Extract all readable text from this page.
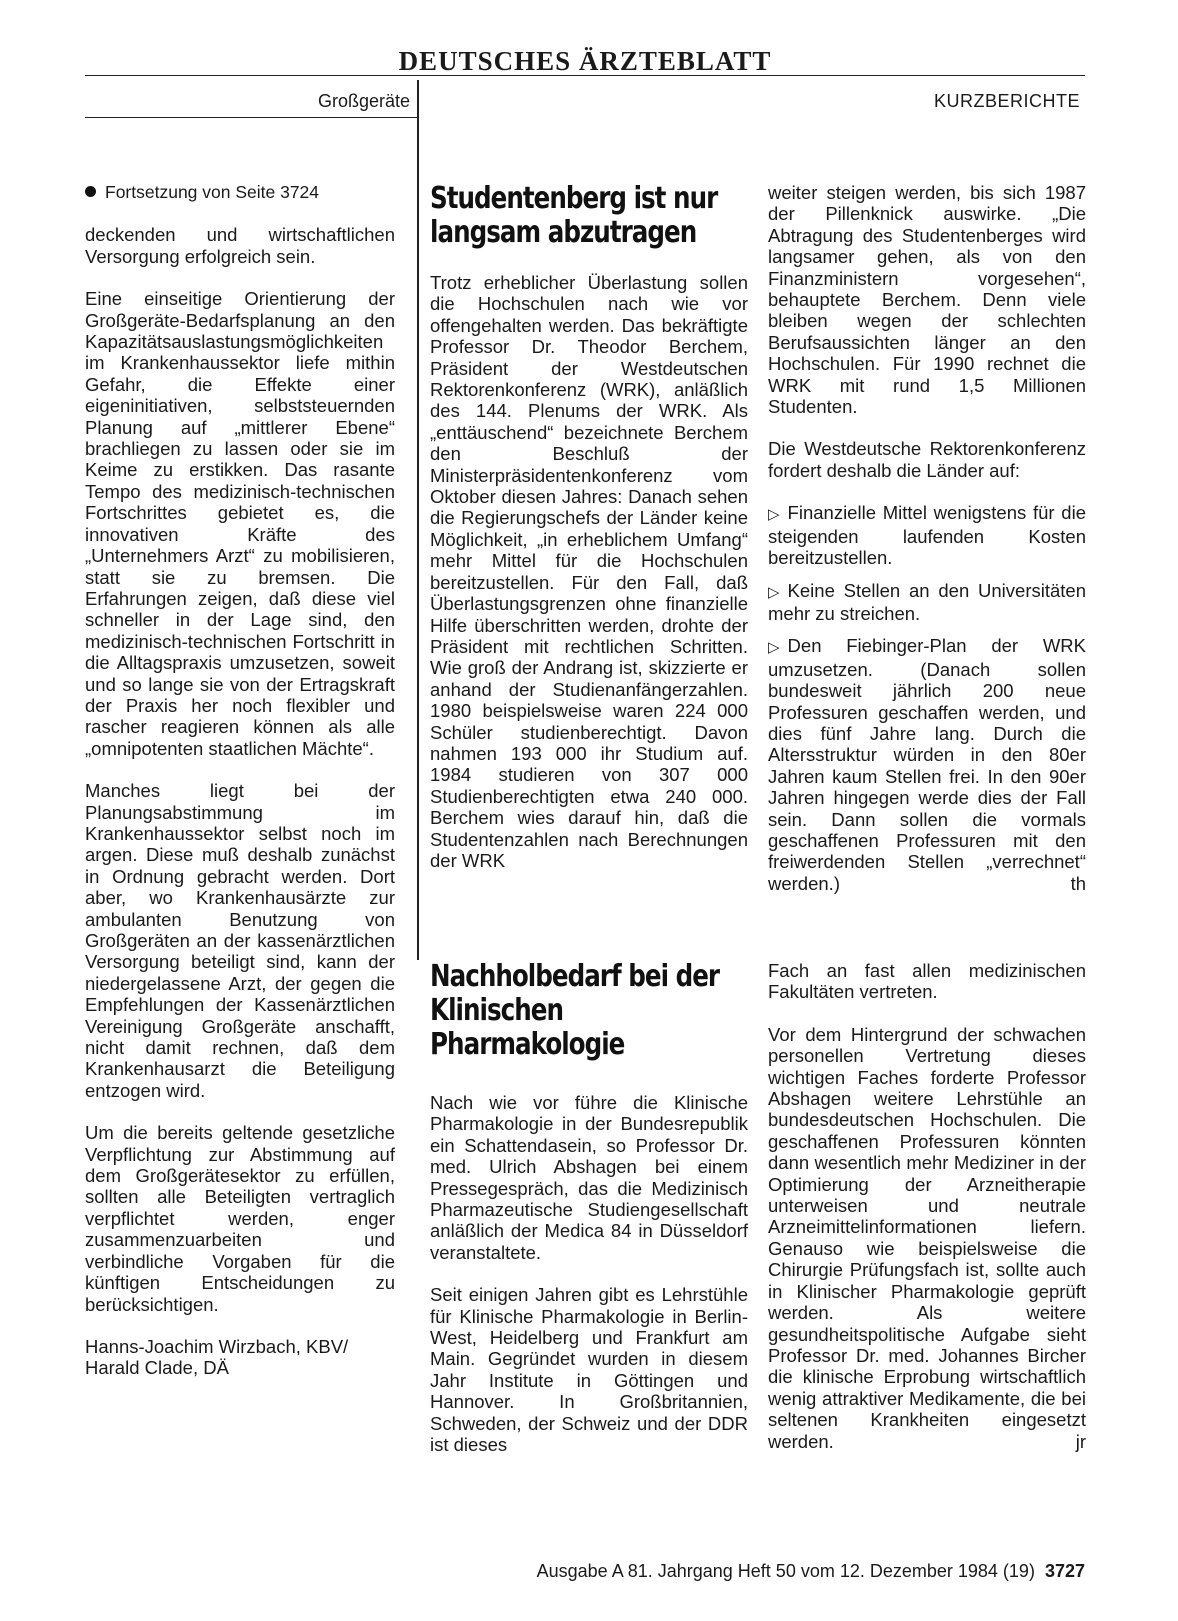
DEUTSCHES ÄRZTEBLATT
Großgeräte	KURZBERICHTE
Fortsetzung von Seite 3724

deckenden und wirtschaftlichen Versorgung erfolgreich sein.

Eine einseitige Orientierung der Großgeräte-Bedarfsplanung an den Kapazitätsauslastungsmöglichkeiten im Krankenhaussektor liefe mithin Gefahr, die Effekte einer eigeninitiativen, selbststeuernden Planung auf „mittlerer Ebene“ brachliegen zu lassen oder sie im Keime zu erstikken. Das rasante Tempo des medizinisch-technischen Fortschrittes gebietet es, die innovativen Kräfte des „Unternehmers Arzt“ zu mobilisieren, statt sie zu bremsen. Die Erfahrungen zeigen, daß diese viel schneller in der Lage sind, den medizinisch-technischen Fortschritt in die Alltagspraxis umzusetzen, soweit und so lange sie von der Ertragskraft der Praxis her noch flexibler und rascher reagieren können als alle „omnipotenten staatlichen Mächte“.

Manches liegt bei der Planungsabstimmung im Krankenhaussektor selbst noch im argen. Diese muß deshalb zunächst in Ordnung gebracht werden. Dort aber, wo Krankenhausärzte zur ambulanten Benutzung von Großgeräten an der kassenärztlichen Versorgung beteiligt sind, kann der niedergelassene Arzt, der gegen die Empfehlungen der Kassenärztlichen Vereinigung Großgeräte anschafft, nicht damit rechnen, daß dem Krankenhausarzt die Beteiligung entzogen wird.

Um die bereits geltende gesetzliche Verpflichtung zur Abstimmung auf dem Großgerätesektor zu erfüllen, sollten alle Beteiligten vertraglich verpflichtet werden, enger zusammenzuarbeiten und verbindliche Vorgaben für die künftigen Entscheidungen zu berücksichtigen.

Hanns-Joachim Wirzbach, KBV/
Harald Clade, DÄ
Studentenberg ist nur langsam abzutragen

Trotz erheblicher Überlastung sollen die Hochschulen nach wie vor offengehalten werden. Das bekräftigte Professor Dr. Theodor Berchem, Präsident der Westdeutschen Rektorenkonferenz (WRK), anläßlich des 144. Plenums der WRK. Als „enttäuschend“ bezeichnete Berchem den Beschluß der Ministerpräsidentenkonferenz vom Oktober diesen Jahres: Danach sehen die Regierungschefs der Länder keine Möglichkeit, „in erheblichem Umfang“ mehr Mittel für die Hochschulen bereitzustellen. Für den Fall, daß Überlastungsgrenzen ohne finanzielle Hilfe überschritten werden, drohte der Präsident mit rechtlichen Schritten. Wie groß der Andrang ist, skizzierte er anhand der Studienanfängerzahlen. 1980 beispielsweise waren 224 000 Schüler studienberechtigt. Davon nahmen 193 000 ihr Studium auf. 1984 studieren von 307 000 Studienberechtigten etwa 240 000. Berchem wies darauf hin, daß die Studentenzahlen nach Berechnungen der WRK

weiter steigen werden, bis sich 1987 der Pillenknick auswirke. „Die Abtragung des Studentenberges wird langsamer gehen, als von den Finanzministern vorgesehen“, behauptete Berchem. Denn viele bleiben wegen der schlechten Berufsaussichten länger an den Hochschulen. Für 1990 rechnet die WRK mit rund 1,5 Millionen Studenten.

Die Westdeutsche Rektorenkonferenz fordert deshalb die Länder auf:

▷ Finanzielle Mittel wenigstens für die steigenden laufenden Kosten bereitzustellen.

▷ Keine Stellen an den Universitäten mehr zu streichen.

▷ Den Fiebinger-Plan der WRK umzusetzen. (Danach sollen bundesweit jährlich 200 neue Professuren geschaffen werden, und dies fünf Jahre lang. Durch die Altersstruktur würden in den 80er Jahren kaum Stellen frei. In den 90er Jahren hingegen werde dies der Fall sein. Dann sollen die vormals geschaffenen Professuren mit den freiwerdenden Stellen „verrechnet“ werden.)	th

Nachholbedarf bei der Klinischen Pharmakologie

Nach wie vor führe die Klinische Pharmakologie in der Bundesrepublik ein Schattendasein, so Professor Dr. med. Ulrich Abshagen bei einem Pressegespräch, das die Medizinisch Pharmazeutische Studiengesellschaft anläßlich der Medica 84 in Düsseldorf veranstaltete.

Seit einigen Jahren gibt es Lehrstühle für Klinische Pharmakologie in Berlin-West, Heidelberg und Frankfurt am Main. Gegründet wurden in diesem Jahr Institute in Göttingen und Hannover. In Großbritannien, Schweden, der Schweiz und der DDR ist dieses

Fach an fast allen medizinischen Fakultäten vertreten.

Vor dem Hintergrund der schwachen personellen Vertretung dieses wichtigen Faches forderte Professor Abshagen weitere Lehrstühle an bundesdeutschen Hochschulen. Die geschaffenen Professuren könnten dann wesentlich mehr Mediziner in der Optimierung der Arzneitherapie unterweisen und neutrale Arzneimittelinformationen liefern. Genauso wie beispielsweise die Chirurgie Prüfungsfach ist, sollte auch in Klinischer Pharmakologie geprüft werden. Als weitere gesundheitspolitische Aufgabe sieht Professor Dr. med. Johannes Bircher die klinische Erprobung wirtschaftlich wenig attraktiver Medikamente, die bei seltenen Krankheiten eingesetzt werden.	jr

Ausgabe A 81. Jahrgang Heft 50 vom 12. Dezember 1984 (19) 3727
